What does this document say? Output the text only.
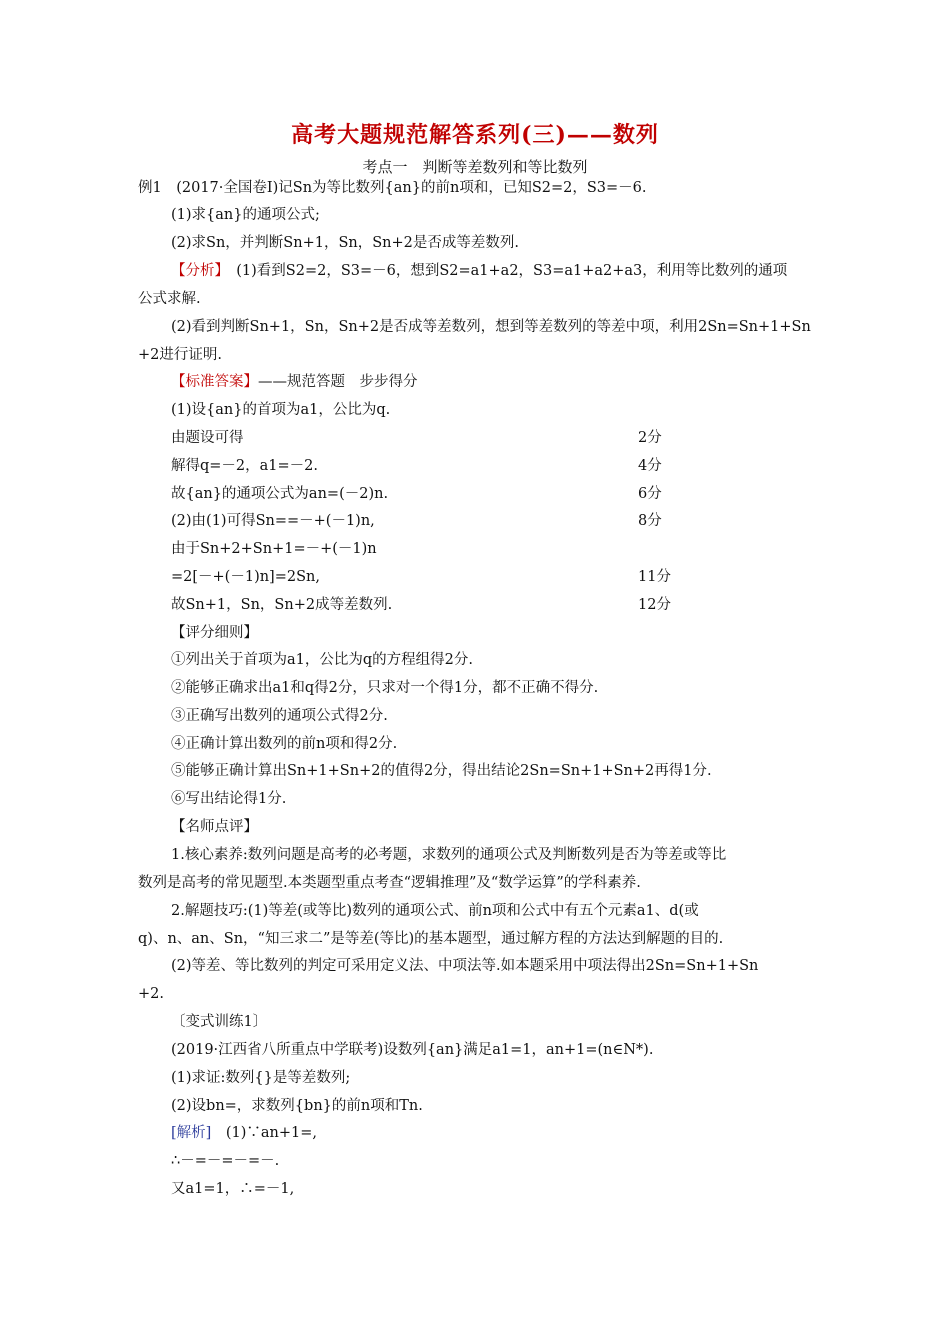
高考大题规范解答系列(三)——数列
考点一　判断等差数列和等比数列
例1　(2017·全国卷Ⅰ)记Sn为等比数列{an}的前n项和，已知S2=2，S3=－6.
(1)求{an}的通项公式;
(2)求Sn，并判断Sn+1，Sn，Sn+2是否成等差数列.
【分析】　 (1)看到S2=2，S3=－6，想到S2=a1+a2，S3=a1+a2+a3，利用等比数列的通项
公式求解.
(2)看到判断Sn+1，Sn，Sn+2是否成等差数列，想到等差数列的等差中项，利用2Sn=Sn+1+Sn
+2进行证明.
【标准答案】——规范答题　步步得分
(1)设{an}的首项为a1，公比为q.
由题设可得	2分
解得q=－2，a1=－2.	4分
故{an}的通项公式为an=(－2)n.	6分
(2)由(1)可得Sn==－+(－1)n,	8分
由于Sn+2+Sn+1=－+(－1)n
=2[－+(－1)n]=2Sn,	11分
故Sn+1，Sn，Sn+2成等差数列.	12分
【评分细则】
①列出关于首项为a1，公比为q的方程组得2分.
②能够正确求出a1和q得2分，只求对一个得1分，都不正确不得分.
③正确写出数列的通项公式得2分.
④正确计算出数列的前n项和得2分.
⑤能够正确计算出Sn+1+Sn+2的值得2分，得出结论2Sn=Sn+1+Sn+2再得1分.
⑥写出结论得1分.
【名师点评】
1.核心素养:数列问题是高考的必考题，求数列的通项公式及判断数列是否为等差或等比
数列是高考的常见题型.本类题型重点考查“逻辑推理”及“数学运算”的学科素养.
2.解题技巧:(1)等差(或等比)数列的通项公式、前n项和公式中有五个元素a1、d(或
q)、n、an、Sn，“知三求二”是等差(等比)的基本题型，通过解方程的方法达到解题的目的.
(2)等差、等比数列的判定可采用定义法、中项法等.如本题采用中项法得出2Sn=Sn+1+Sn
+2.
〔变式训练1〕
(2019·江西省八所重点中学联考)设数列{an}满足a1=1，an+1=(n∈N*).
(1)求证:数列{}是等差数列;
(2)设bn=，求数列{bn}的前n项和Tn.
[解析]　 (1)∵an+1=,
∴－=－=－=－.
又a1=1，∴=－1,
